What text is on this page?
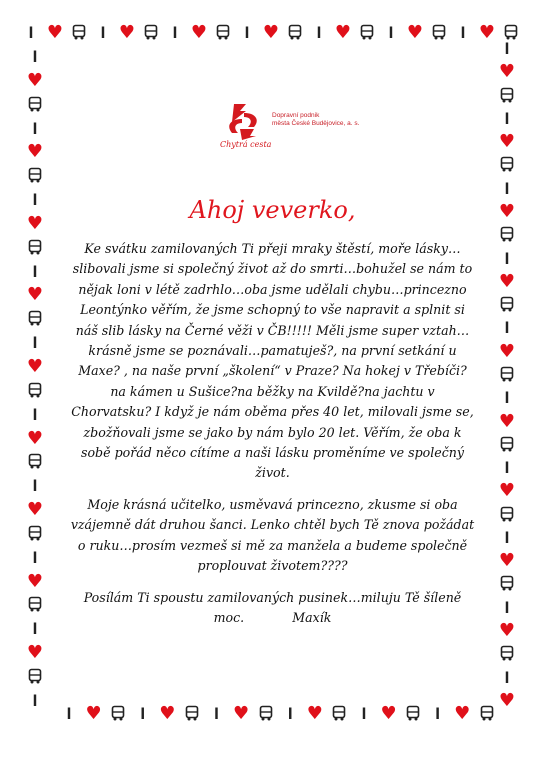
I ♥	I ♥	I ♥	I ♥	I ♥	I ♥	I ♥
I ♥	I ♥	I ♥	I ♥	I ♥	I ♥
I
♥
I
♥
I
♥
I
♥
I
♥
I
♥
I
♥
I
♥
I
♥
I
I
♥
I
♥
I
♥
I
♥
I
♥
I
♥
I
♥
I
♥
I
♥
I
♥
Chytrá cesta
Dopravní podnik
města České Budějovice, a. s.
Ahoj veverko,

Ke svátku zamilovaných Ti přeji mraky štěstí, moře lásky…slibovali jsme si společný život až do smrti…bohužel se nám to nějak loni v létě zadrhlo…oba jsme udělali chybu…princezno Leontýnko věřím, že jsme schopný to vše napravit a splnit si náš slib lásky na Černé věži v ČB!!!!! Měli jsme super vztah…krásně jsme se poznávali…pamatuješ?, na první setkání u Maxe? , na naše první „školení“ v Praze? Na hokej v Třebíči? na kámen u Sušice?na běžky na Kvildě?na jachtu v Chorvatsku? I když je nám oběma přes 40 let, milovali jsme se, zbožňovali jsme se jako by nám bylo 20 let. Věřím, že oba k sobě pořád něco cítíme a naši lásku proměníme ve společný život.

Moje krásná učitelko, usměvavá princezno, zkusme si oba vzájemně dát druhou šanci. Lenko chtěl bych Tě znova požádat o ruku…prosím vezmeš si mě za manžela a budeme společně proplouvat životem????

Posílám Ti spoustu zamilovaných pusinek…miluju Tě šíleně moc.	Maxík
